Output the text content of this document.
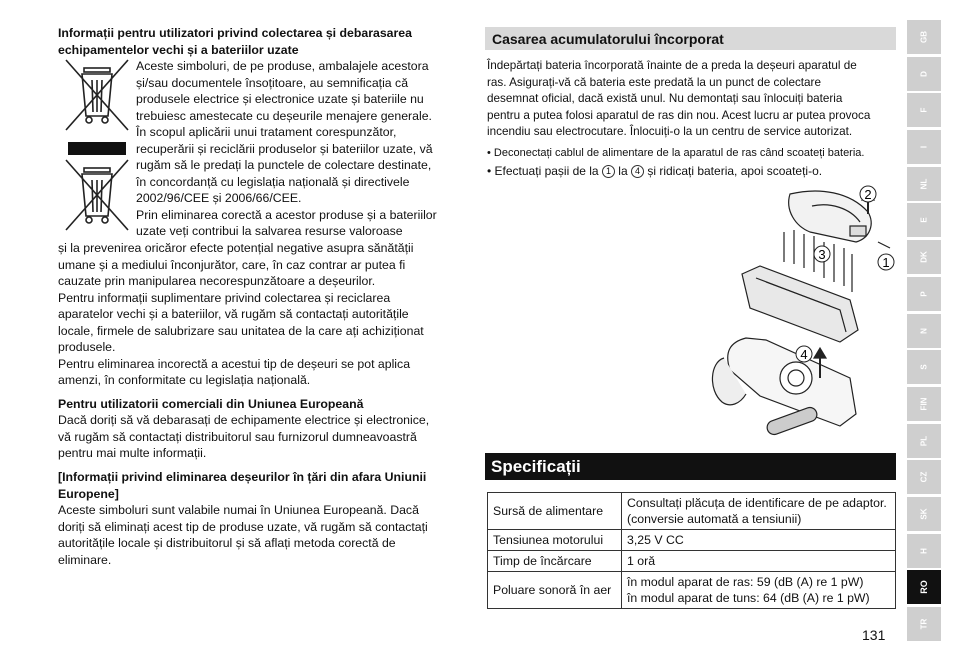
Informații pentru utilizatori privind colectarea și debarasarea echipamentelor vechi și a bateriilor uzate

Aceste simboluri, de pe produse, ambalajele acestora

și/sau documentele însoțitoare, au semnificația că

produsele electrice și electronice uzate și bateriile nu

trebuiesc amestecate cu deșeurile menajere generale.

În scopul aplicării unui tratament corespunzător,

recuperării și reciclării produselor și bateriilor uzate, vă

rugăm să le predați la punctele de colectare destinate,

în concordanță cu legislația națională și directivele

2002/96/CEE și 2006/66/CEE.

Prin eliminarea corectă a acestor produse și a bateriilor

uzate veți contribui la salvarea resurse valoroase

și la prevenirea oricăror efecte potențial negative asupra sănătății

umane și a mediului înconjurător, care, în caz contrar ar putea fi

cauzate prin manipularea necorespunzătoare a deșeurilor.

Pentru informații suplimentare privind colectarea și reciclarea

aparatelor vechi și a bateriilor, vă rugăm să contactați autoritățile

locale, firmele de salubrizare sau unitatea de la care ați achiziționat

produsele.

Pentru eliminarea incorectă a acestui tip de deșeuri se pot aplica

amenzi, în conformitate cu legislația națională.

Pentru utilizatorii comerciali din Uniunea Europeană

Dacă doriți să vă debarasați de echipamente electrice și electronice,

vă rugăm să contactați distribuitorul sau furnizorul dumneavoastră

pentru mai multe informații.

[Informații privind eliminarea deșeurilor în țări din afara Uniunii Europene]

Aceste simboluri sunt valabile numai în Uniunea Europeană. Dacă

doriți să eliminați acest tip de produse uzate, vă rugăm să contactați

autoritățile locale și distribuitorul și să aflați metoda corectă de

eliminare.

Casarea acumulatorului încorporat

Îndepărtați bateria încorporată înainte de a preda la deșeuri aparatul de

ras. Asigurați-vă că bateria este predată la un punct de colectare

desemnat oficial, dacă există unul. Nu demontați sau înlocuiți bateria

pentru a putea folosi aparatul de ras din nou. Acest lucru ar putea provoca

incendiu sau electrocutare. Înlocuiți-o la un centru de service autorizat.

• Deconectați cablul de alimentare de la aparatul de ras când scoateți bateria.
• Efectuați pașii de la 1 la 4 și ridicați bateria, apoi scoateți-o.
2
3
1
4
Specificații
Sursă de alimentare	Consultați plăcuța de identificare de pe adaptor.
(conversie automată a tensiunii)

Tensiunea motorului	3,25 V CC
Timp de încărcare	1 oră
Poluare sonoră în aer	în modul aparat de ras: 59 (dB (A) re 1 pW)
în modul aparat de tuns: 64 (dB (A) re 1 pW)
131
GB
D
F
I
NL
E
DK
P
N
S
FIN
PL
CZ
SK
H
RO
TR
